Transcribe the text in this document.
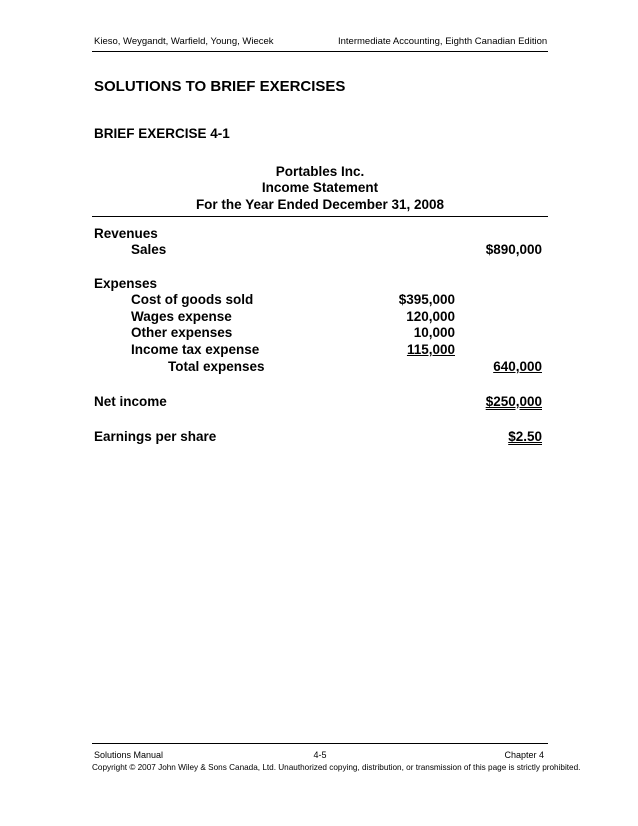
Kieso, Weygandt, Warfield, Young, Wiecek	Intermediate Accounting, Eighth Canadian Edition
SOLUTIONS TO BRIEF EXERCISES
BRIEF EXERCISE 4-1
Portables Inc.
Income Statement
For the Year Ended December 31, 2008
Revenues
Sales	$890,000
Expenses
Cost of goods sold	$395,000
Wages expense	120,000
Other expenses	10,000
Income tax expense	115,000
Total expenses	640,000
Net income	$250,000
Earnings per share	$2.50
Solutions Manual	4-5	Chapter 4
Copyright © 2007 John Wiley & Sons Canada, Ltd. Unauthorized copying, distribution, or transmission of this page is strictly prohibited.
